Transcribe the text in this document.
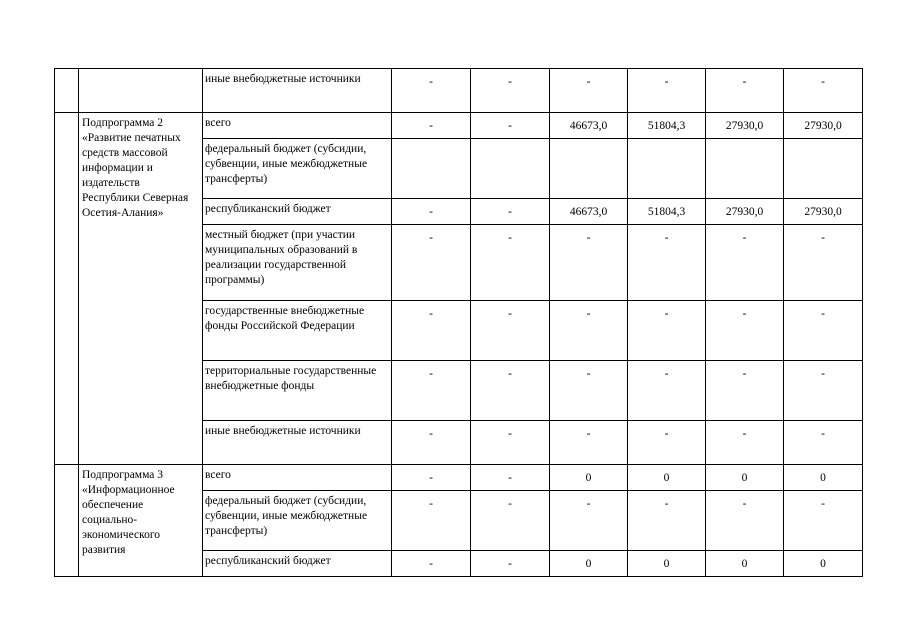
		иные внебюджетные источники	-	-	-	-	-	-
	Подпрограмма 2 «Развитие печатных средств массовой информации и издательств Республики Северная Осетия-Алания»	всего	-	-	46673,0	51804,3	27930,0	27930,0
		федеральный бюджет (субсидии, субвенции, иные межбюджетные трансферты)						
		республиканский бюджет	-	-	46673,0	51804,3	27930,0	27930,0
		местный бюджет (при участии муниципальных образований в реализации государственной программы)	-	-	-	-	-	-
		государственные внебюджетные фонды Российской Федерации	-	-	-	-	-	-
		территориальные государственные внебюджетные фонды	-	-	-	-	-	-
		иные внебюджетные источники	-	-	-	-	-	-
	Подпрограмма 3 «Информационное обеспечение социально-экономического развития	всего	-	-	0	0	0	0
		федеральный бюджет (субсидии, субвенции, иные межбюджетные трансферты)	-	-	-	-	-	-
		республиканский бюджет	-	-	0	0	0	0
